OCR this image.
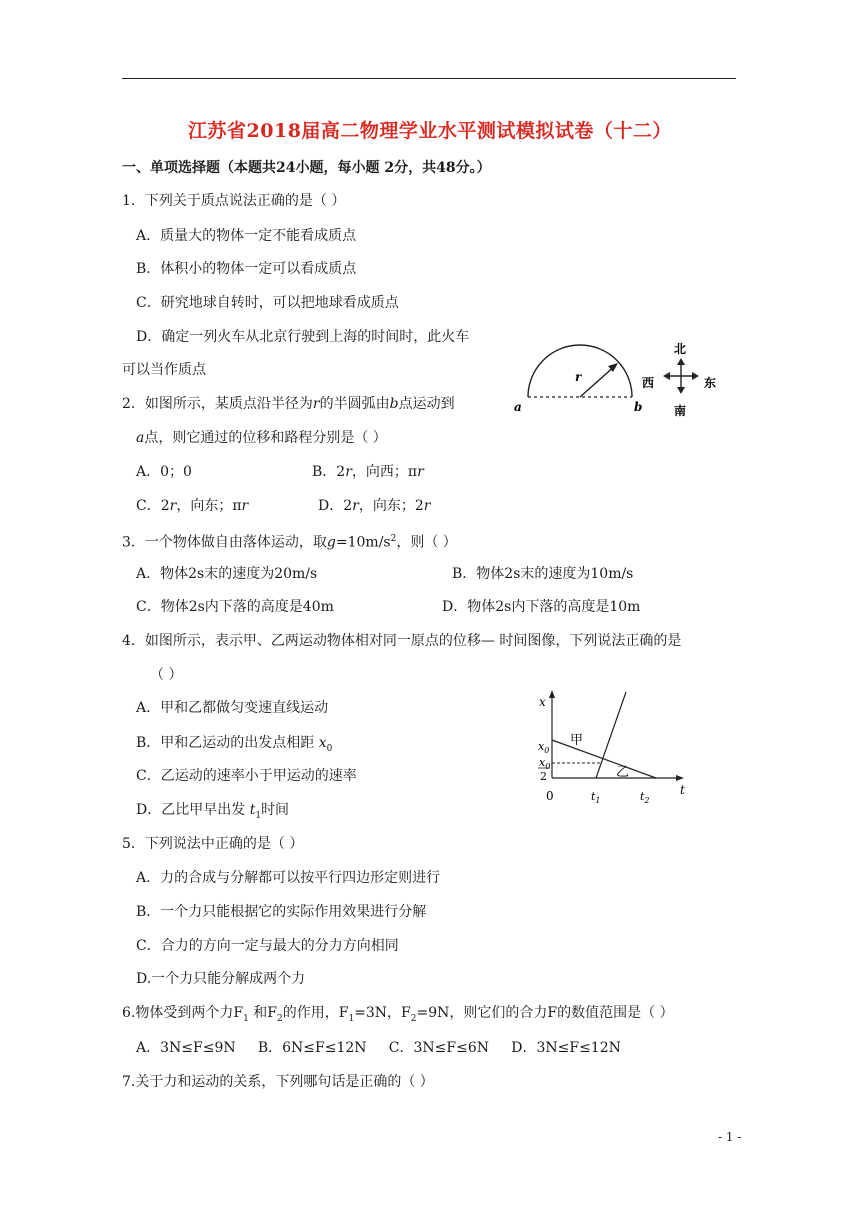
江苏省2018届高二物理学业水平测试模拟试卷（十二）
一、单项选择题（本题共24小题，每小题 2分，共48分。）
1．下列关于质点说法正确的是（ ）
A．质量大的物体一定不能看成质点
B．体积小的物体一定可以看成质点
C．研究地球自转时，可以把地球看成质点
D．确定一列火车从北京行驶到上海的时间时，此火车
可以当作质点	r
a	b
北
南
西	东
2．如图所示，某质点沿半径为r的半圆弧由b点运动到
a点，则它通过的位移和路程分别是（ ）
A．0；0	B．2r，向西；πr
C．2r，向东；πr	D．2r，向东；2r
3．一个物体做自由落体运动，取$g=10m/s^2$，则（ ）
A．物体2s末的速度为20m/s	B．物体2s末的速度为10m/s
C．物体2s内下落的高度是40m	D．物体2s内下落的高度是10m
4．如图所示，表示甲、乙两运动物体相对同一原点的位移— 时间图像，下列说法正确的是
（ ）
x
t
0
$x_0$
$x_0$
2
$t_1$	$t_2$
甲
乙
A．甲和乙都做匀变速直线运动
B．甲和乙运动的出发点相距 $x_0$
C．乙运动的速率小于甲运动的速率
D．乙比甲早出发 $t_1$时间
5．下列说法中正确的是（ ）
A．力的合成与分解都可以按平行四边形定则进行
B．一个力只能根据它的实际作用效果进行分解
C．合力的方向一定与最大的分力方向相同
D.一个力只能分解成两个力
6.物体受到两个力$F_1$ 和$F_2$的作用，$F_1=3N$，$F_2=9N$，则它们的合力F的数值范围是（ ）
A．3N≤F≤9N     B．6N≤F≤12N     C．3N≤F≤6N     D．3N≤F≤12N
7.关于力和运动的关系，下列哪句话是正确的（ ）
- 1 -
